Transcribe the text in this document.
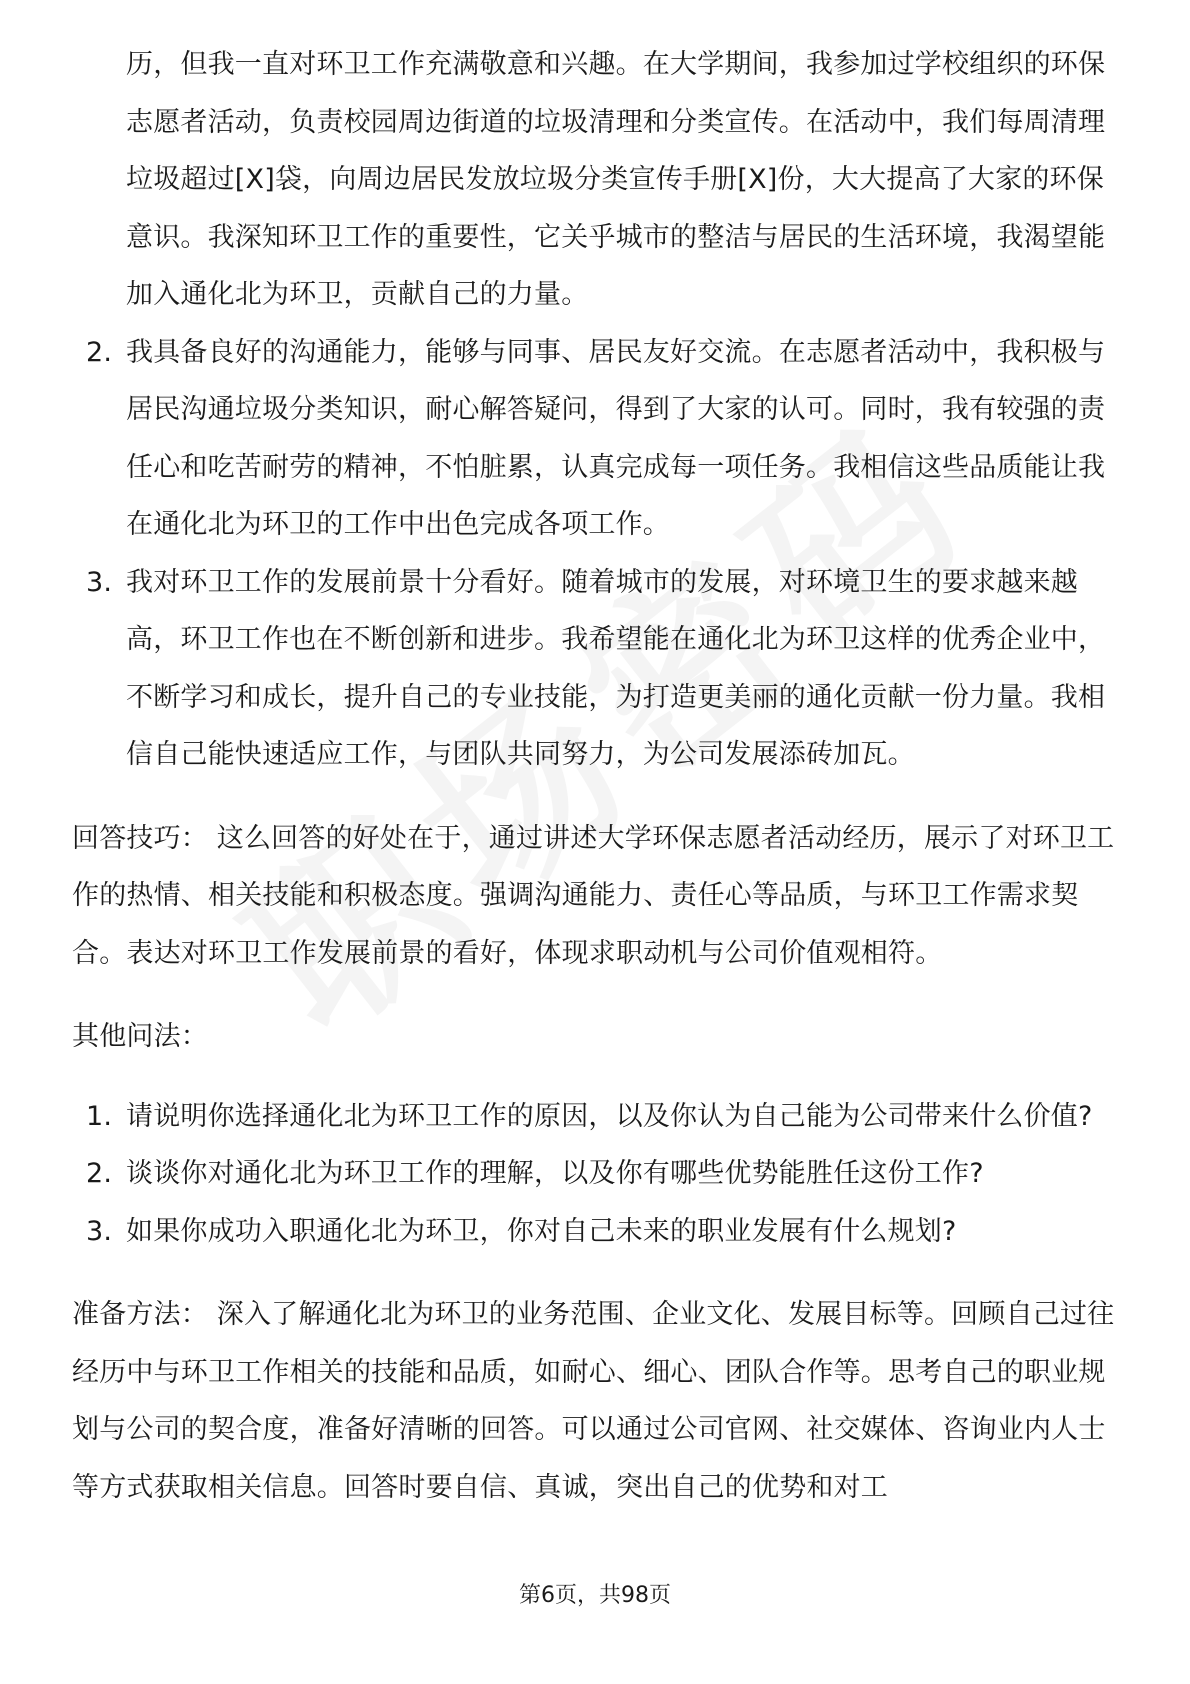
历，但我一直对环卫工作充满敬意和兴趣。在大学期间，我参加过学校组织的环保志愿者活动，负责校园周边街道的垃圾清理和分类宣传。在活动中，我们每周清理垃圾超过[X]袋，向周边居民发放垃圾分类宣传手册[X]份，大大提高了大家的环保意识。我深知环卫工作的重要性，它关乎城市的整洁与居民的生活环境，我渴望能加入通化北为环卫，贡献自己的力量。

2. 我具备良好的沟通能力，能够与同事、居民友好交流。在志愿者活动中，我积极与居民沟通垃圾分类知识，耐心解答疑问，得到了大家的认可。同时，我有较强的责任心和吃苦耐劳的精神，不怕脏累，认真完成每一项任务。我相信这些品质能让我在通化北为环卫的工作中出色完成各项工作。
3. 我对环卫工作的发展前景十分看好。随着城市的发展，对环境卫生的要求越来越高，环卫工作也在不断创新和进步。我希望能在通化北为环卫这样的优秀企业中，不断学习和成长，提升自己的专业技能，为打造更美丽的通化贡献一份力量。我相信自己能快速适应工作，与团队共同努力，为公司发展添砖加瓦。

回答技巧： 这么回答的好处在于，通过讲述大学环保志愿者活动经历，展示了对环卫工作的热情、相关技能和积极态度。强调沟通能力、责任心等品质，与环卫工作需求契合。表达对环卫工作发展前景的看好，体现求职动机与公司价值观相符。

其他问法：

1. 请说明你选择通化北为环卫工作的原因，以及你认为自己能为公司带来什么价值?
2. 谈谈你对通化北为环卫工作的理解，以及你有哪些优势能胜任这份工作?
3. 如果你成功入职通化北为环卫，你对自己未来的职业发展有什么规划?

准备方法： 深入了解通化北为环卫的业务范围、企业文化、发展目标等。回顾自己过往经历中与环卫工作相关的技能和品质，如耐心、细心、团队合作等。思考自己的职业规划与公司的契合度，准备好清晰的回答。可以通过公司官网、社交媒体、咨询业内人士等方式获取相关信息。回答时要自信、真诚，突出自己的优势和对工

第6页，共98页
